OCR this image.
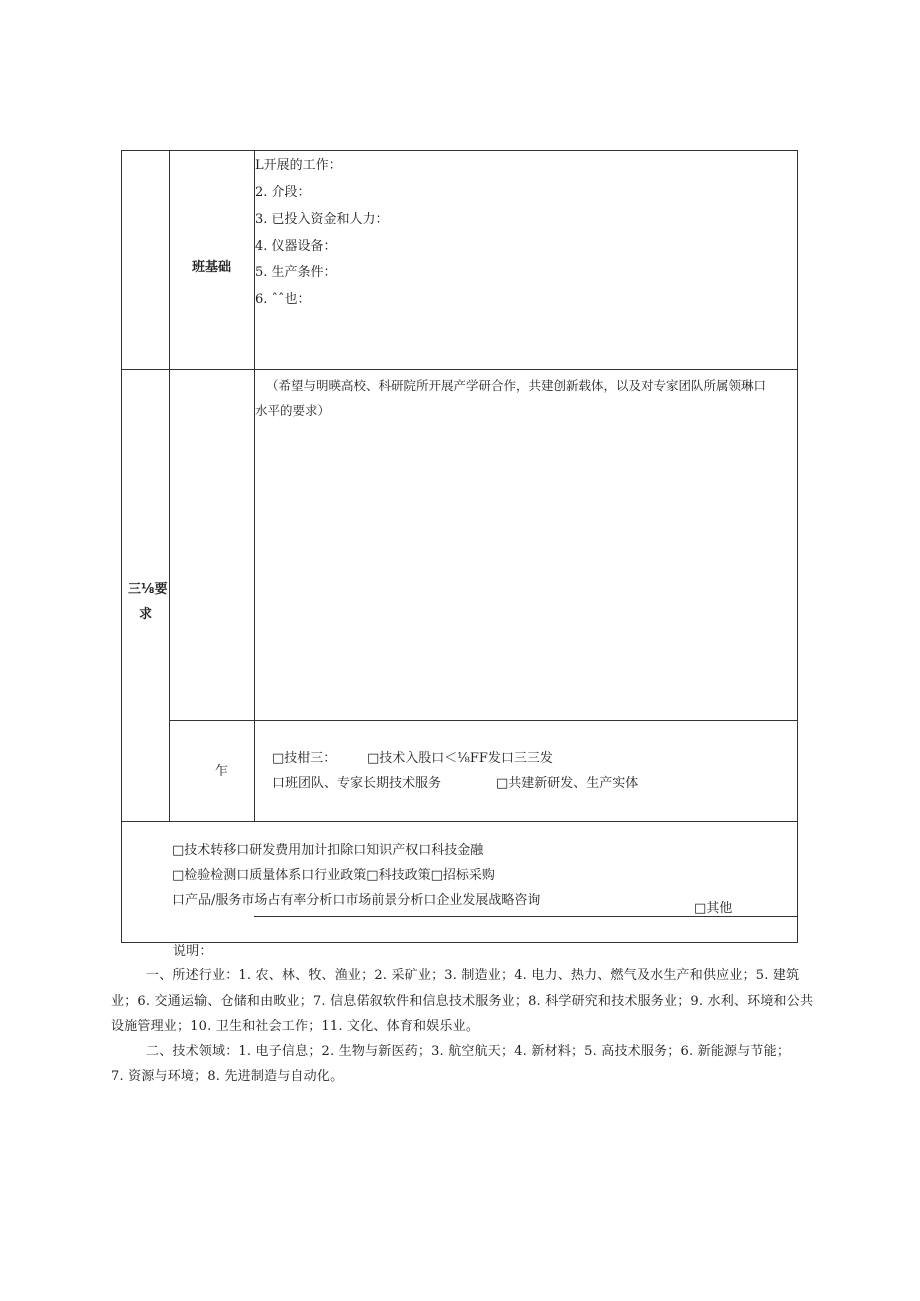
班基础
L开展的工作：
2. 介段：
3. 已投入资金和人力：
4. 仪器设备：
5. 生产条件：
6. ˆˆ也：
三⅛要
求
（希望与明暎高校、科研院所开展产学研合作，共建创新载体，以及对专家团队所属领琳口
水平的要求）
乍
□技柑三： □技术入股口＜⅛FF发口三三发
口班团队、专家长期技术服务	□共建新研发、生产实体
□技术转移口研发费用加计扣除口知识产权口科技金融
□检验检测口质量体系口行业政策□科技政策□招标采购
口产品/服务市场占有率分析口市场前景分析口企业发展战略咨询
□其他
说明：
一、所述行业：1. 农、林、牧、渔业；2. 采矿业；3. 制造业；4. 电力、热力、燃气及水生产和供应业；5. 建筑
业；6. 交通运输、仓储和由畋业；7. 信息偌叙软件和信息技术服务业；8. 科学研究和技术服务业；9. 水利、环境和公共
设施管理业；10. 卫生和社会工作；11. 文化、体育和娱乐业。
二、技术领域：1. 电子信息；2. 生物与新医药；3. 航空航天；4. 新材料；5. 高技术服务；6. 新能源与节能；
7. 资源与环境；8. 先进制造与自动化。
